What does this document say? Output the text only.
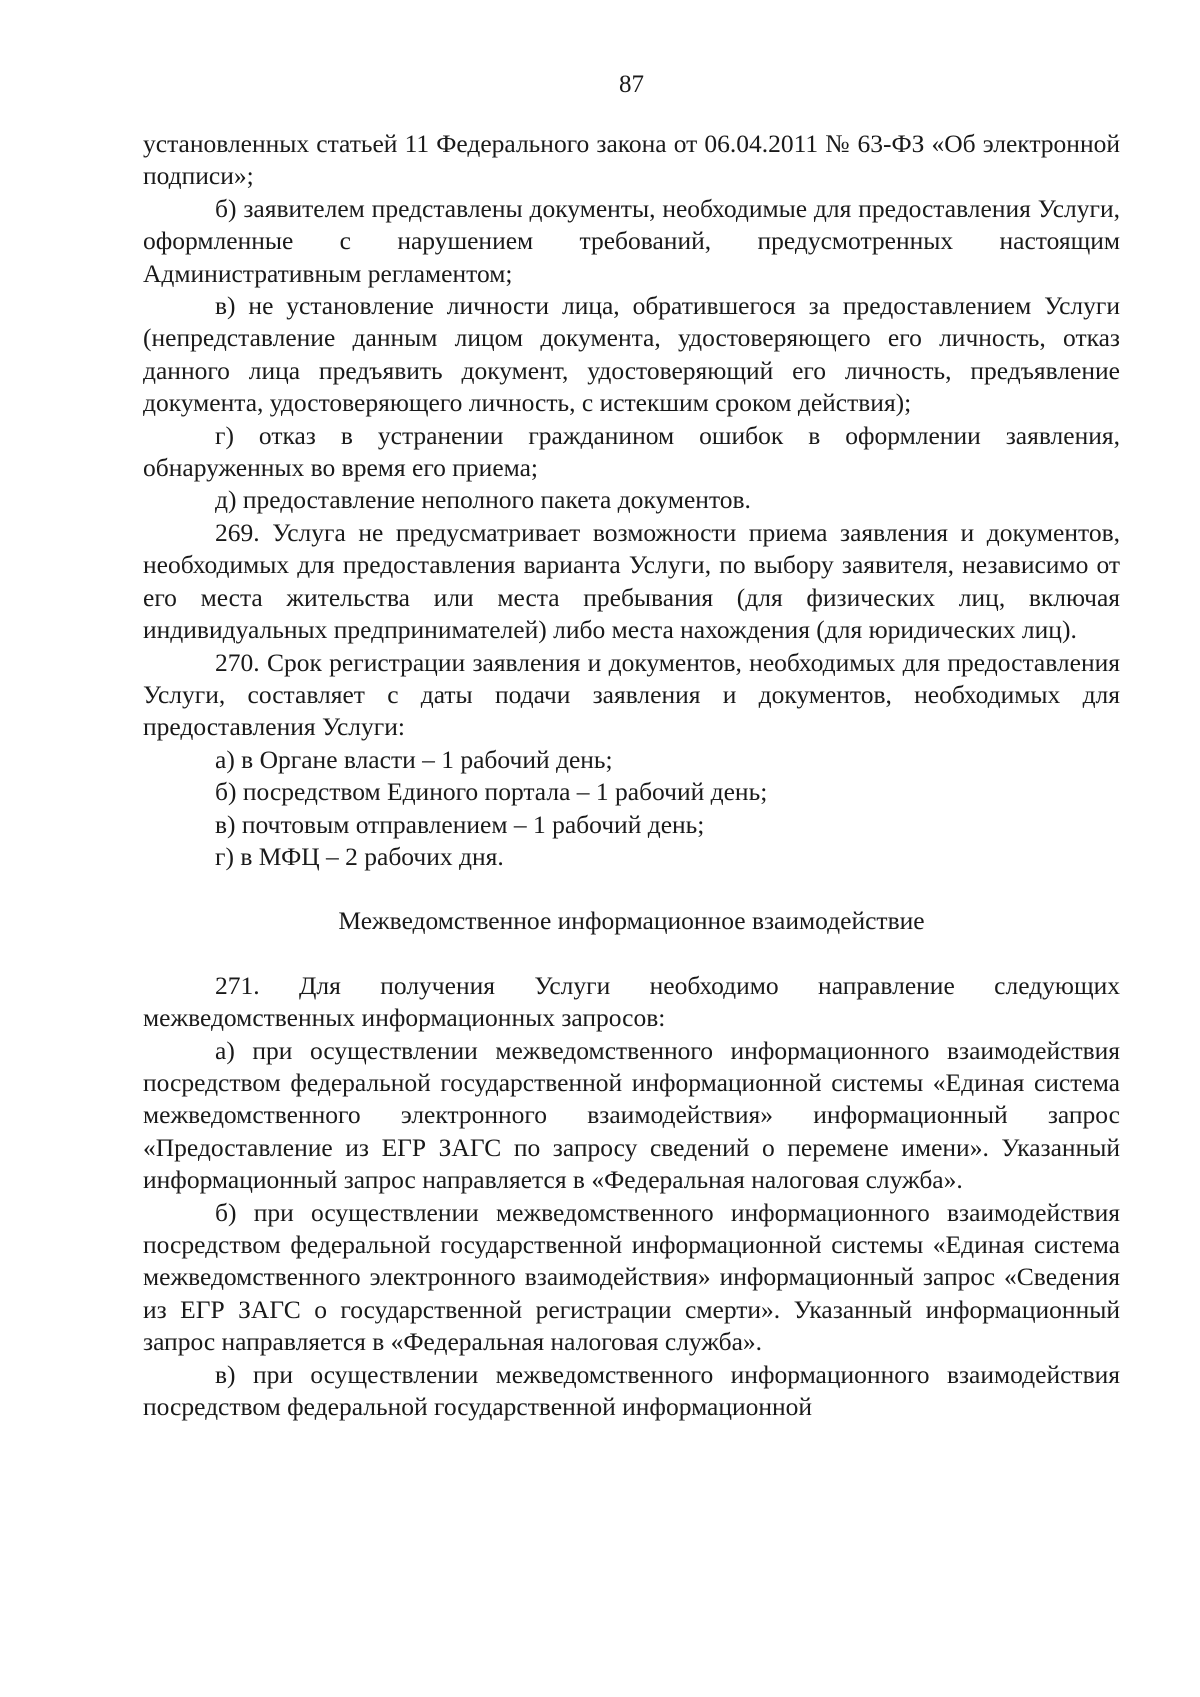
87

установленных статьей 11 Федерального закона от 06.04.2011 № 63-ФЗ «Об электронной подписи»;

б) заявителем представлены документы, необходимые для предоставления Услуги, оформленные с нарушением требований, предусмотренных настоящим Административным регламентом;

в) не установление личности лица, обратившегося за предоставлением Услуги (непредставление данным лицом документа, удостоверяющего его личность, отказ данного лица предъявить документ, удостоверяющий его личность, предъявление документа, удостоверяющего личность, с истекшим сроком действия);

г) отказ в устранении гражданином ошибок в оформлении заявления, обнаруженных во время его приема;

д) предоставление неполного пакета документов.

269. Услуга не предусматривает возможности приема заявления и документов, необходимых для предоставления варианта Услуги, по выбору заявителя, независимо от его места жительства или места пребывания (для физических лиц, включая индивидуальных предпринимателей) либо места нахождения (для юридических лиц).

270. Срок регистрации заявления и документов, необходимых для предоставления Услуги, составляет с даты подачи заявления и документов, необходимых для предоставления Услуги:

а) в Органе власти – 1 рабочий день;

б) посредством Единого портала – 1 рабочий день;

в) почтовым отправлением – 1 рабочий день;

г) в МФЦ – 2 рабочих дня.

Межведомственное информационное взаимодействие

271. Для получения Услуги необходимо направление следующих межведомственных информационных запросов:

а) при осуществлении межведомственного информационного взаимодействия посредством федеральной государственной информационной системы «Единая система межведомственного электронного взаимодействия» информационный запрос «Предоставление из ЕГР ЗАГС по запросу сведений о перемене имени». Указанный информационный запрос направляется в «Федеральная налоговая служба».

б) при осуществлении межведомственного информационного взаимодействия посредством федеральной государственной информационной системы «Единая система межведомственного электронного взаимодействия» информационный запрос «Сведения из ЕГР ЗАГС о государственной регистрации смерти». Указанный информационный запрос направляется в «Федеральная налоговая служба».

в) при осуществлении межведомственного информационного взаимодействия посредством федеральной государственной информационной
